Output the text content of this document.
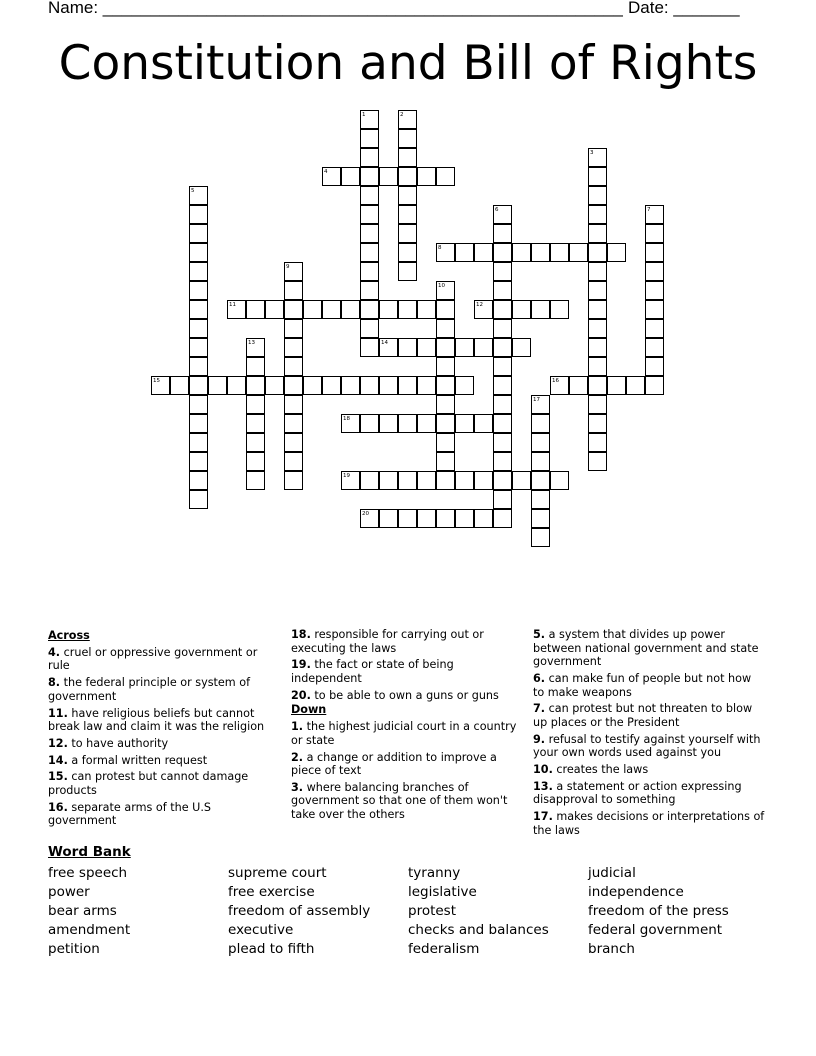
Name: _______________________________________________________ Date: _______
Constitution and Bill of Rights
1	2
3
4
5
6	7
8
9
10
11	12
13	14
15	16
17
18
19
20
Across
4. cruel or oppressive government or rule
8. the federal principle or system of government
11. have religious beliefs but cannot break law and claim it was the religion
12. to have authority
14. a formal written request
15. can protest but cannot damage products
16. separate arms of the U.S government
18. responsible for carrying out or executing the laws
19. the fact or state of being independent
20. to be able to own a guns or guns
Down
1. the highest judicial court in a country or state
2. a change or addition to improve a piece of text
3. where balancing branches of government so that one of them won't take over the others
5. a system that divides up power between national government and state government
6. can make fun of people but not how to make weapons
7. can protest but not threaten to blow up places or the President
9. refusal to testify against yourself with your own words used against you
10. creates the laws
13. a statement or action expressing disapproval to something
17. makes decisions or interpretations of the laws
Word Bank
free speech
power
bear arms
amendment
petition
supreme court
free exercise
freedom of assembly
executive
plead to fifth
tyranny
legislative
protest
checks and balances
federalism
judicial
independence
freedom of the press
federal government
branch
